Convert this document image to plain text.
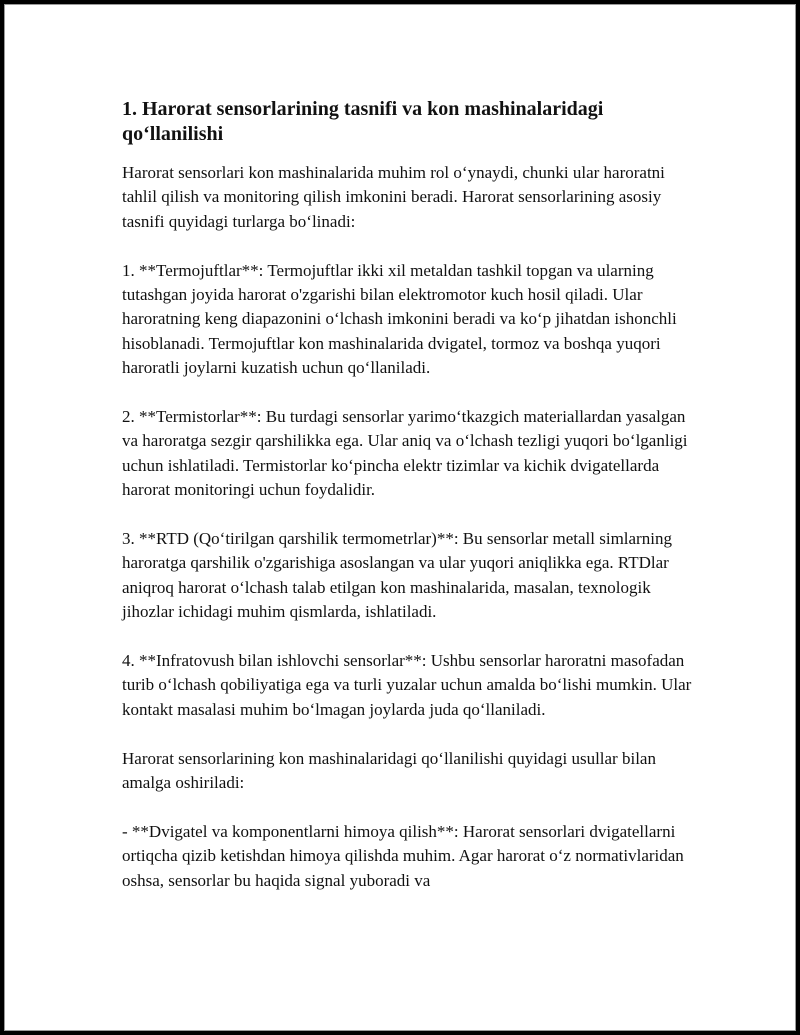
1. Harorat sensorlarining tasnifi va kon mashinalaridagi qo‘llanilishi

Harorat sensorlari kon mashinalarida muhim rol o‘ynaydi, chunki ular haroratni tahlil qilish va monitoring qilish imkonini beradi. Harorat sensorlarining asosiy tasnifi quyidagi turlarga bo‘linadi:

1. **Termojuftlar**: Termojuftlar ikki xil metaldan tashkil topgan va ularning tutashgan joyida harorat o'zgarishi bilan elektromotor kuch hosil qiladi. Ular haroratning keng diapazonini o‘lchash imkonini beradi va ko‘p jihatdan ishonchli hisoblanadi. Termojuftlar kon mashinalarida dvigatel, tormoz va boshqa yuqori haroratli joylarni kuzatish uchun qo‘llaniladi.

2. **Termistorlar**: Bu turdagi sensorlar yarimo‘tkazgich materiallardan yasalgan va haroratga sezgir qarshilikka ega. Ular aniq va o‘lchash tezligi yuqori bo‘lganligi uchun ishlatiladi. Termistorlar ko‘pincha elektr tizimlar va kichik dvigatellarda harorat monitoringi uchun foydalidir.

3. **RTD (Qo‘tirilgan qarshilik termometrlar)**: Bu sensorlar metall simlarning haroratga qarshilik o'zgarishiga asoslangan va ular yuqori aniqlikka ega. RTDlar aniqroq harorat o‘lchash talab etilgan kon mashinalarida, masalan, texnologik jihozlar ichidagi muhim qismlarda, ishlatiladi.

4. **Infratovush bilan ishlovchi sensorlar**: Ushbu sensorlar haroratni masofadan turib o‘lchash qobiliyatiga ega va turli yuzalar uchun amalda bo‘lishi mumkin. Ular kontakt masalasi muhim bo‘lmagan joylarda juda qo‘llaniladi.

Harorat sensorlarining kon mashinalaridagi qo‘llanilishi quyidagi usullar bilan amalga oshiriladi:

- **Dvigatel va komponentlarni himoya qilish**: Harorat sensorlari dvigatellarni ortiqcha qizib ketishdan himoya qilishda muhim. Agar harorat o‘z normativlaridan oshsa, sensorlar bu haqida signal yuboradi va
